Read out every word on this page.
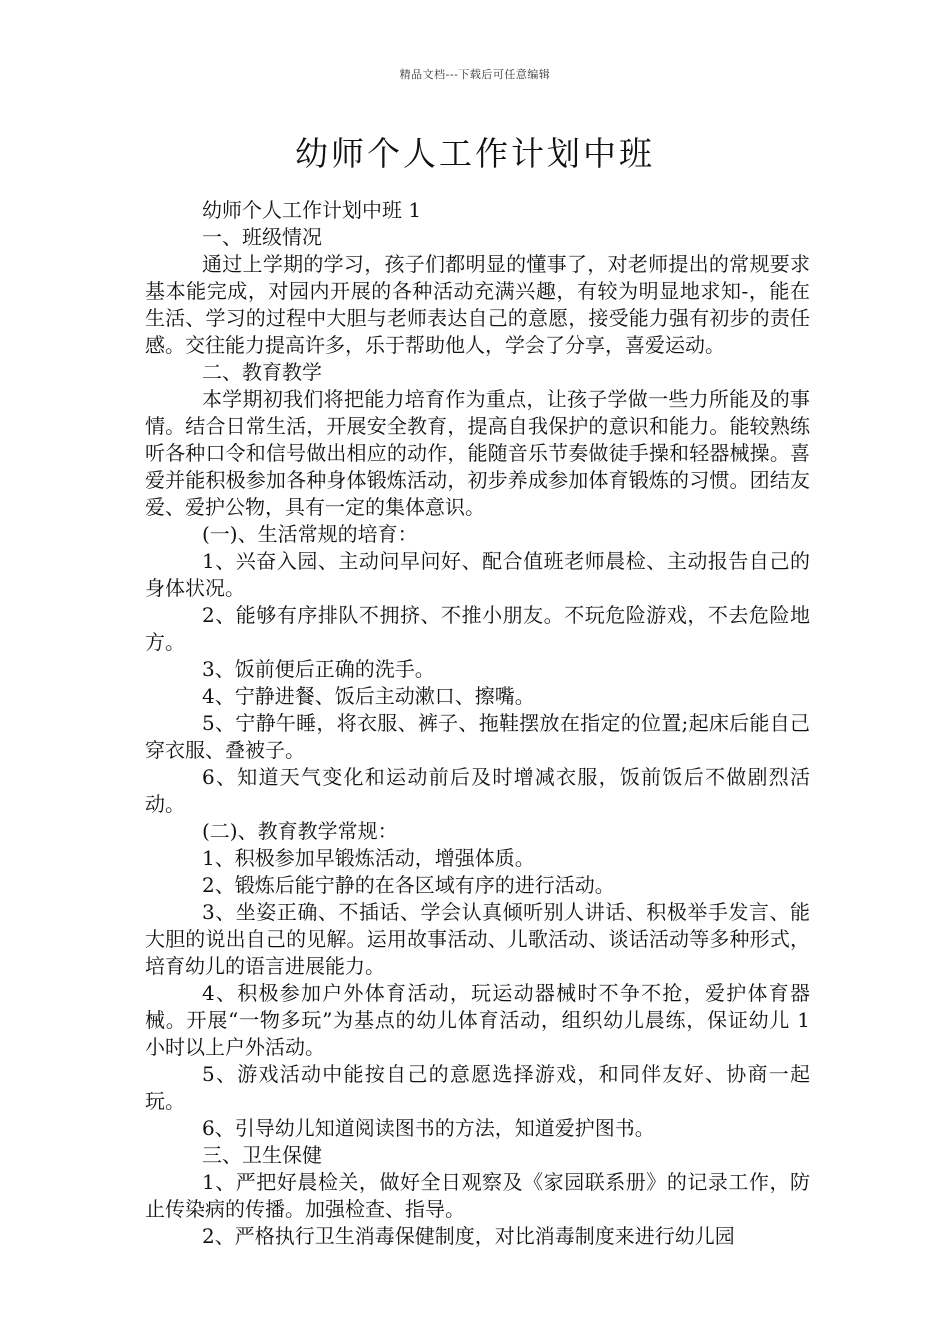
精品文档---下载后可任意编辑
幼师个人工作计划中班

幼师个人工作计划中班 1

一、班级情况

通过上学期的学习，孩子们都明显的懂事了，对老师提出的常规要求基本能完成，对园内开展的各种活动充满兴趣，有较为明显地求知-，能在生活、学习的过程中大胆与老师表达自己的意愿，接受能力强有初步的责任感。交往能力提高许多，乐于帮助他人，学会了分享，喜爱运动。

二、教育教学

本学期初我们将把能力培育作为重点，让孩子学做一些力所能及的事情。结合日常生活，开展安全教育，提高自我保护的意识和能力。能较熟练听各种口令和信号做出相应的动作，能随音乐节奏做徒手操和轻器械操。喜爱并能积极参加各种身体锻炼活动，初步养成参加体育锻炼的习惯。团结友爱、爱护公物，具有一定的集体意识。

(一)、生活常规的培育：

1、兴奋入园、主动问早问好、配合值班老师晨检、主动报告自己的身体状况。

2、能够有序排队不拥挤、不推小朋友。不玩危险游戏，不去危险地方。

3、饭前便后正确的洗手。

4、宁静进餐、饭后主动漱口、擦嘴。

5、宁静午睡，将衣服、裤子、拖鞋摆放在指定的位置;起床后能自己穿衣服、叠被子。

6、知道天气变化和运动前后及时增减衣服，饭前饭后不做剧烈活动。

(二)、教育教学常规：

1、积极参加早锻炼活动，增强体质。

2、锻炼后能宁静的在各区域有序的进行活动。

3、坐姿正确、不插话、学会认真倾听别人讲话、积极举手发言、能大胆的说出自己的见解。运用故事活动、儿歌活动、谈话活动等多种形式，培育幼儿的语言进展能力。

4、积极参加户外体育活动，玩运动器械时不争不抢，爱护体育器械。开展“一物多玩”为基点的幼儿体育活动，组织幼儿晨练，保证幼儿 1 小时以上户外活动。

5、游戏活动中能按自己的意愿选择游戏，和同伴友好、协商一起玩。

6、引导幼儿知道阅读图书的方法，知道爱护图书。

三、卫生保健

1、严把好晨检关，做好全日观察及《家园联系册》的记录工作，防止传染病的传播。加强检查、指导。

2、严格执行卫生消毒保健制度，对比消毒制度来进行幼儿园
